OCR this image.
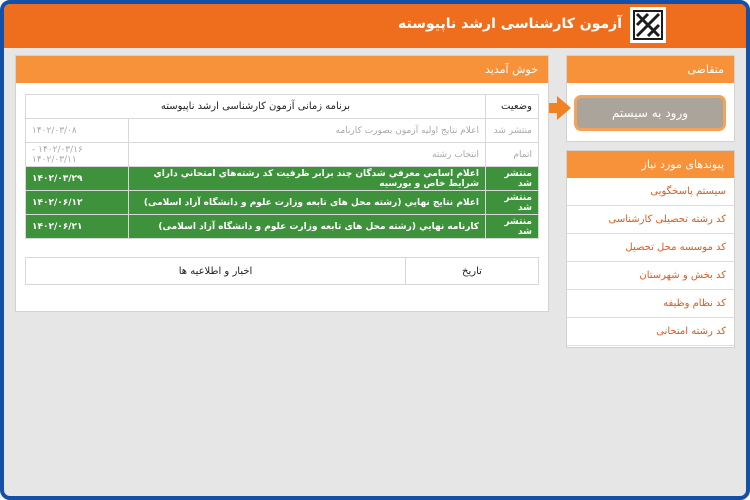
آزمون کارشناسی ارشد ناپیوسته
متقاضی
ورود به سیستم
پیوندهای مورد نیاز
سیستم پاسخگویی
کد رشته تحصیلی کارشناسی
کد موسسه محل تحصیل
کد بخش و شهرستان
کد نظام وظیفه
کد رشته امتحانی
خوش آمدید
وضعیت	برنامه زمانی آزمون کارشناسی ارشد ناپیوسته	
منتشر شد	اعلام نتايج اوليه آزمون بصورت کارنامه	۱۴۰۲/۰۳/۰۸
اتمام	انتخاب رشته	۱۴۰۲/۰۳/۱۶ - ۱۴۰۲/۰۳/۱۱
منتشر شد	اعلام اسامي معرفي شدگان چند برابر ظرفيت كد رشته‌هاي امتحاني داراي شرايط خاص و بورسيه	۱۴۰۲/۰۳/۲۹
منتشر شد	اعلام نتايج نهايي (رشته محل های تابعه وزارت علوم و دانشگاه آزاد اسلامی)	۱۴۰۲/۰۶/۱۲
منتشر شد	کارنامه نهايي (رشته محل های تابعه وزارت علوم و دانشگاه آزاد اسلامی)	۱۴۰۲/۰۶/۲۱
تاریخ	اخبار و اطلاعیه ها
